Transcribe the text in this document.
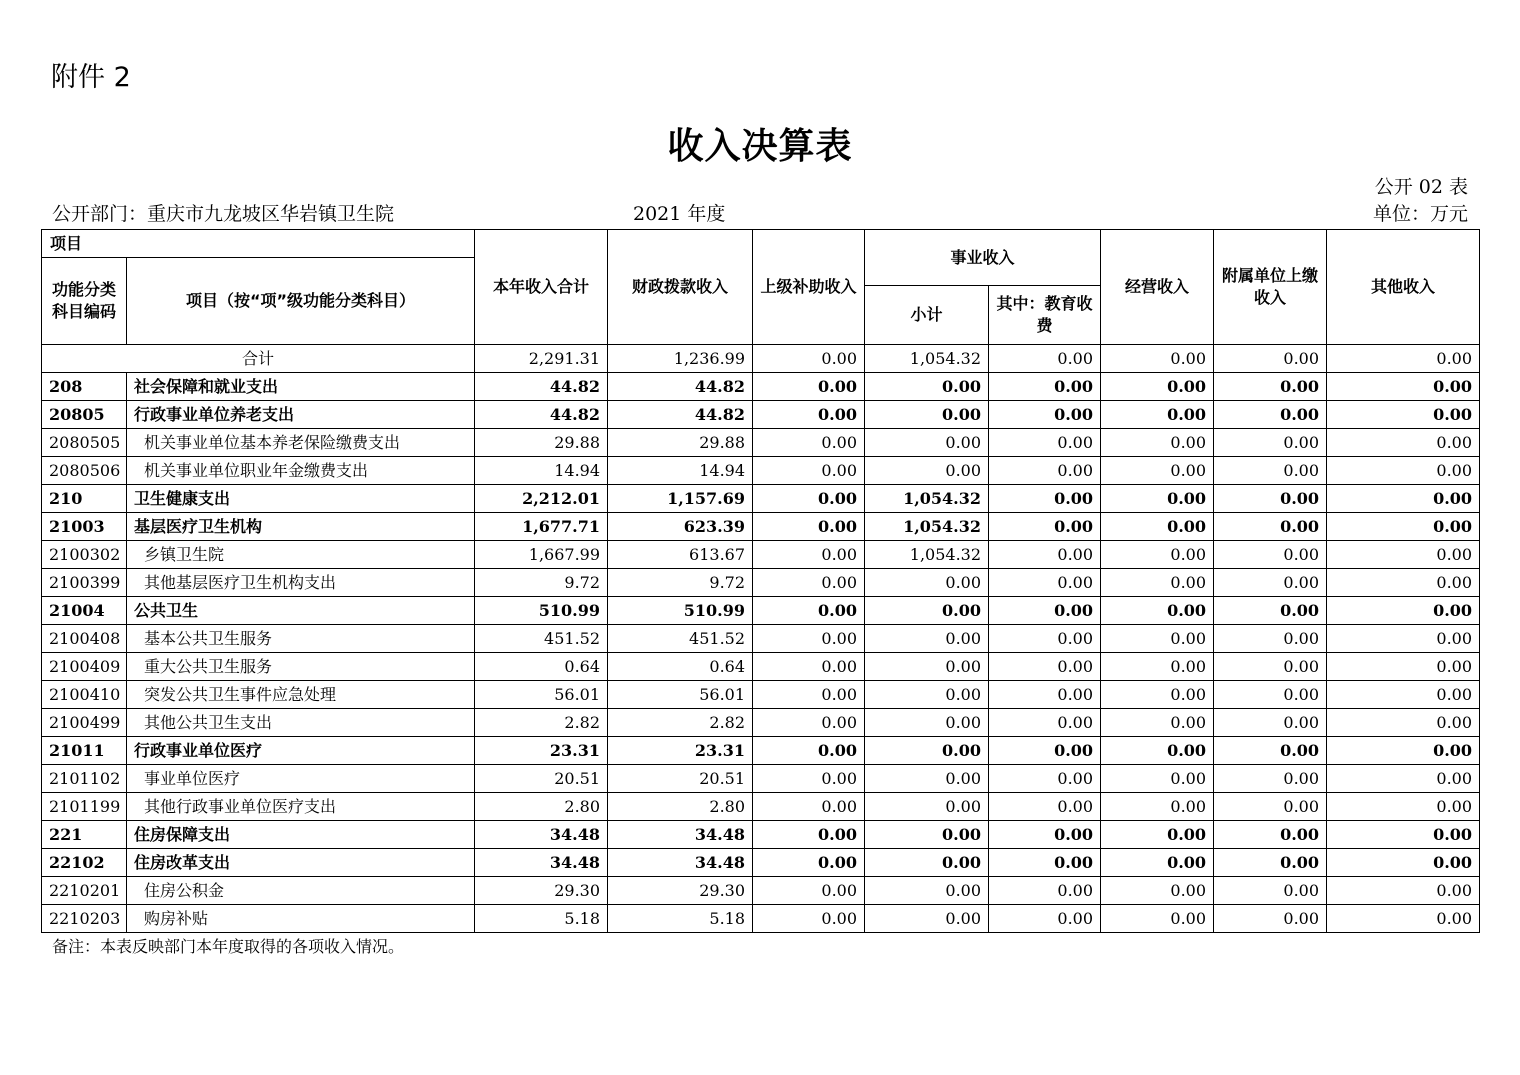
附件 2
收入决算表
公开 02 表
公开部门：重庆市九龙坡区华岩镇卫生院	2021 年度	单位：万元
项目		本年收入合计	财政拨款收入	上级补助收入	事业收入		经营收入	附属单位上缴收入	其他收入
功能分类科目编码	项目（按“项”级功能分类科目）								
					小计	其中：教育收费			
合计		2,291.31	1,236.99	0.00	1,054.32	0.00	0.00	0.00	0.00
208	社会保障和就业支出	44.82	44.82	0.00	0.00	0.00	0.00	0.00	0.00
20805	行政事业单位养老支出	44.82	44.82	0.00	0.00	0.00	0.00	0.00	0.00
2080505	机关事业单位基本养老保险缴费支出	29.88	29.88	0.00	0.00	0.00	0.00	0.00	0.00
2080506	机关事业单位职业年金缴费支出	14.94	14.94	0.00	0.00	0.00	0.00	0.00	0.00
210	卫生健康支出	2,212.01	1,157.69	0.00	1,054.32	0.00	0.00	0.00	0.00
21003	基层医疗卫生机构	1,677.71	623.39	0.00	1,054.32	0.00	0.00	0.00	0.00
2100302	乡镇卫生院	1,667.99	613.67	0.00	1,054.32	0.00	0.00	0.00	0.00
2100399	其他基层医疗卫生机构支出	9.72	9.72	0.00	0.00	0.00	0.00	0.00	0.00
21004	公共卫生	510.99	510.99	0.00	0.00	0.00	0.00	0.00	0.00
2100408	基本公共卫生服务	451.52	451.52	0.00	0.00	0.00	0.00	0.00	0.00
2100409	重大公共卫生服务	0.64	0.64	0.00	0.00	0.00	0.00	0.00	0.00
2100410	突发公共卫生事件应急处理	56.01	56.01	0.00	0.00	0.00	0.00	0.00	0.00
2100499	其他公共卫生支出	2.82	2.82	0.00	0.00	0.00	0.00	0.00	0.00
21011	行政事业单位医疗	23.31	23.31	0.00	0.00	0.00	0.00	0.00	0.00
2101102	事业单位医疗	20.51	20.51	0.00	0.00	0.00	0.00	0.00	0.00
2101199	其他行政事业单位医疗支出	2.80	2.80	0.00	0.00	0.00	0.00	0.00	0.00
221	住房保障支出	34.48	34.48	0.00	0.00	0.00	0.00	0.00	0.00
22102	住房改革支出	34.48	34.48	0.00	0.00	0.00	0.00	0.00	0.00
2210201	住房公积金	29.30	29.30	0.00	0.00	0.00	0.00	0.00	0.00
2210203	购房补贴	5.18	5.18	0.00	0.00	0.00	0.00	0.00	0.00
备注：本表反映部门本年度取得的各项收入情况。
